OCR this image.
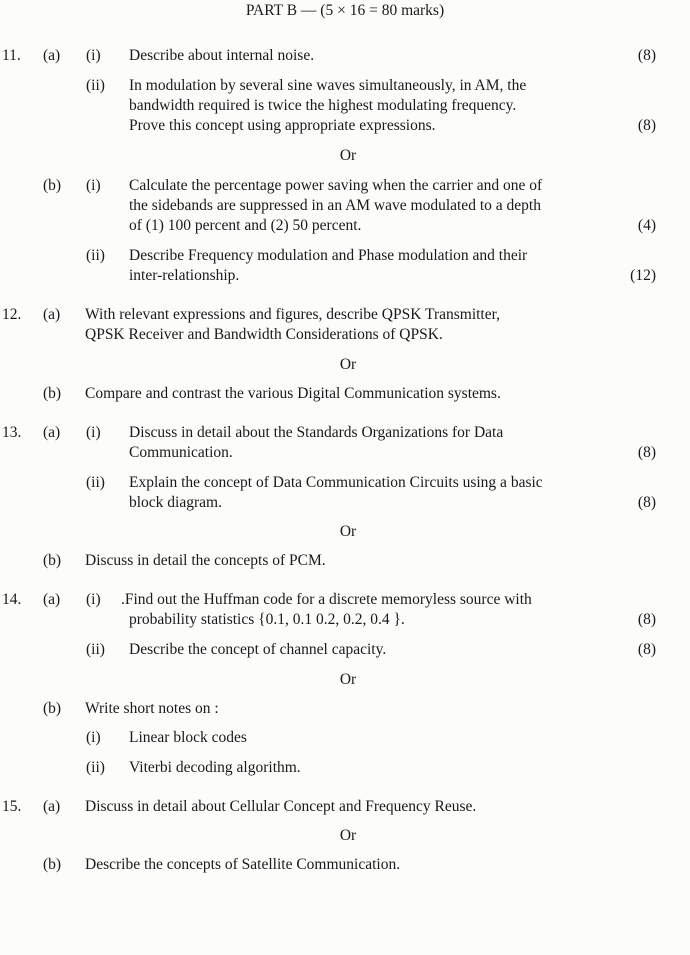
PART B — (5 × 16 = 80 marks)
11. (a) (i) Describe about internal noise.	(8)
(ii) In modulation by several sine waves simultaneously, in AM, the
bandwidth required is twice the highest modulating frequency.
Prove this concept using appropriate expressions.	(8)
Or
(b) (i) Calculate the percentage power saving when the carrier and one of
the sidebands are suppressed in an AM wave modulated to a depth
of (1) 100 percent and (2) 50 percent.	(4)
(ii) Describe Frequency modulation and Phase modulation and their
inter-relationship.	(12)
12. (a) With relevant expressions and figures, describe QPSK Transmitter,
QPSK Receiver and Bandwidth Considerations of QPSK.
Or
(b) Compare and contrast the various Digital Communication systems.
13. (a) (i) Discuss in detail about the Standards Organizations for Data
Communication.	(8)
(ii) Explain the concept of Data Communication Circuits using a basic
block diagram.	(8)
Or
(b) Discuss in detail the concepts of PCM.
14. (a) (i) .Find out the Huffman code for a discrete memoryless source with
probability statistics {0.1, 0.1 0.2, 0.2, 0.4 }.	(8)
(ii) Describe the concept of channel capacity.	(8)
Or
(b) Write short notes on :
(i) Linear block codes
(ii) Viterbi decoding algorithm.
15. (a) Discuss in detail about Cellular Concept and Frequency Reuse.
Or
(b) Describe the concepts of Satellite Communication.
